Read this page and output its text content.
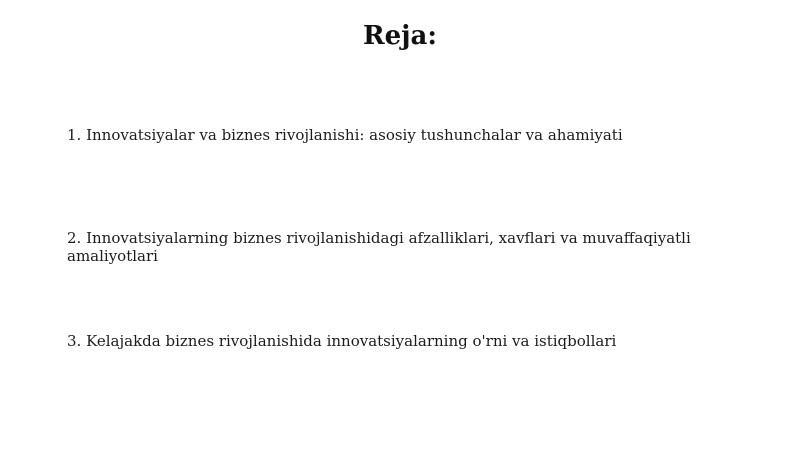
Reja:
1. Innovatsiyalar va biznes rivojlanishi: asosiy tushunchalar va ahamiyati
2. Innovatsiyalarning biznes rivojlanishidagi afzalliklari, xavflari va muvaffaqiyatli amaliyotlari
3. Kelajakda biznes rivojlanishida innovatsiyalarning o'rni va istiqbollari
